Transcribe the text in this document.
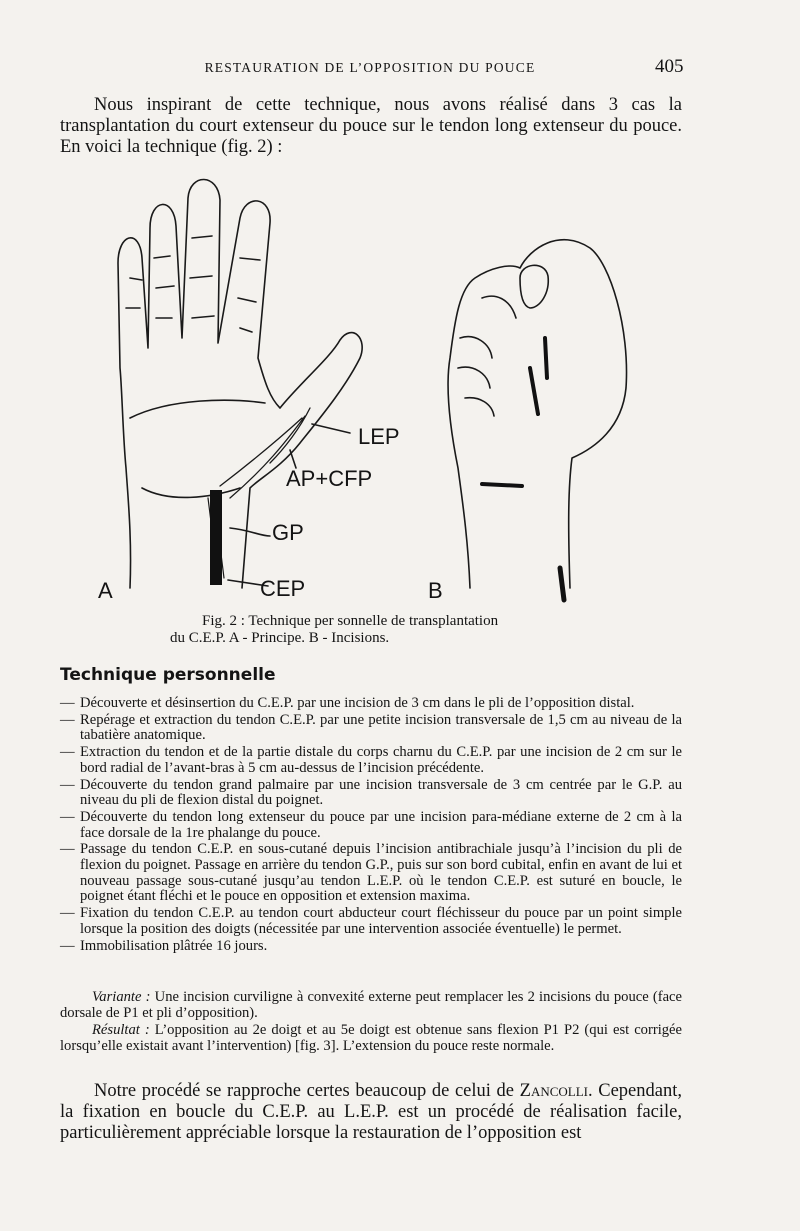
RESTAURATION DE L’OPPOSITION DU POUCE	405

Nous inspirant de cette technique, nous avons réalisé dans 3 cas la transplantation du court extenseur du pouce sur le tendon long extenseur du pouce. En voici la technique (fig. 2) :

LEP
AP+CFP
GP
CEP
A	B
Fig. 2 : Technique per sonnelle de transplantation
du C.E.P. A - Principe. B - Incisions.
Technique personnelle
— Découverte et désinsertion du C.E.P. par une incision de 3 cm dans le pli de l’opposition distal.
— Repérage et extraction du tendon C.E.P. par une petite incision transversale de 1,5 cm au niveau de la tabatière anatomique.
— Extraction du tendon et de la partie distale du corps charnu du C.E.P. par une incision de 2 cm sur le bord radial de l’avant-bras à 5 cm au-dessus de l’incision précédente.
— Découverte du tendon grand palmaire par une incision transversale de 3 cm centrée par le G.P. au niveau du pli de flexion distal du poignet.
— Découverte du tendon long extenseur du pouce par une incision para-médiane externe de 2 cm à la face dorsale de la 1re phalange du pouce.
— Passage du tendon C.E.P. en sous-cutané depuis l’incision antibrachiale jusqu’à l’incision du pli de flexion du poignet. Passage en arrière du tendon G.P., puis sur son bord cubital, enfin en avant de lui et nouveau passage sous-cutané jusqu’au tendon L.E.P. où le tendon C.E.P. est suturé en boucle, le poignet étant fléchi et le pouce en opposition et extension maxima.
— Fixation du tendon C.E.P. au tendon court abducteur court fléchisseur du pouce par un point simple lorsque la position des doigts (nécessitée par une intervention associée éventuelle) le permet.
— Immobilisation plâtrée 16 jours.

Variante : Une incision curviligne à convexité externe peut remplacer les 2 incisions du pouce (face dorsale de P1 et pli d’opposition).

Résultat : L’opposition au 2e doigt et au 5e doigt est obtenue sans flexion P1 P2 (qui est corrigée lorsqu’elle existait avant l’intervention) [fig. 3]. L’extension du pouce reste normale.

Notre procédé se rapproche certes beaucoup de celui de Zancolli. Cependant, la fixation en boucle du C.E.P. au L.E.P. est un procédé de réalisation facile, particulièrement appréciable lorsque la restauration de l’opposition est
